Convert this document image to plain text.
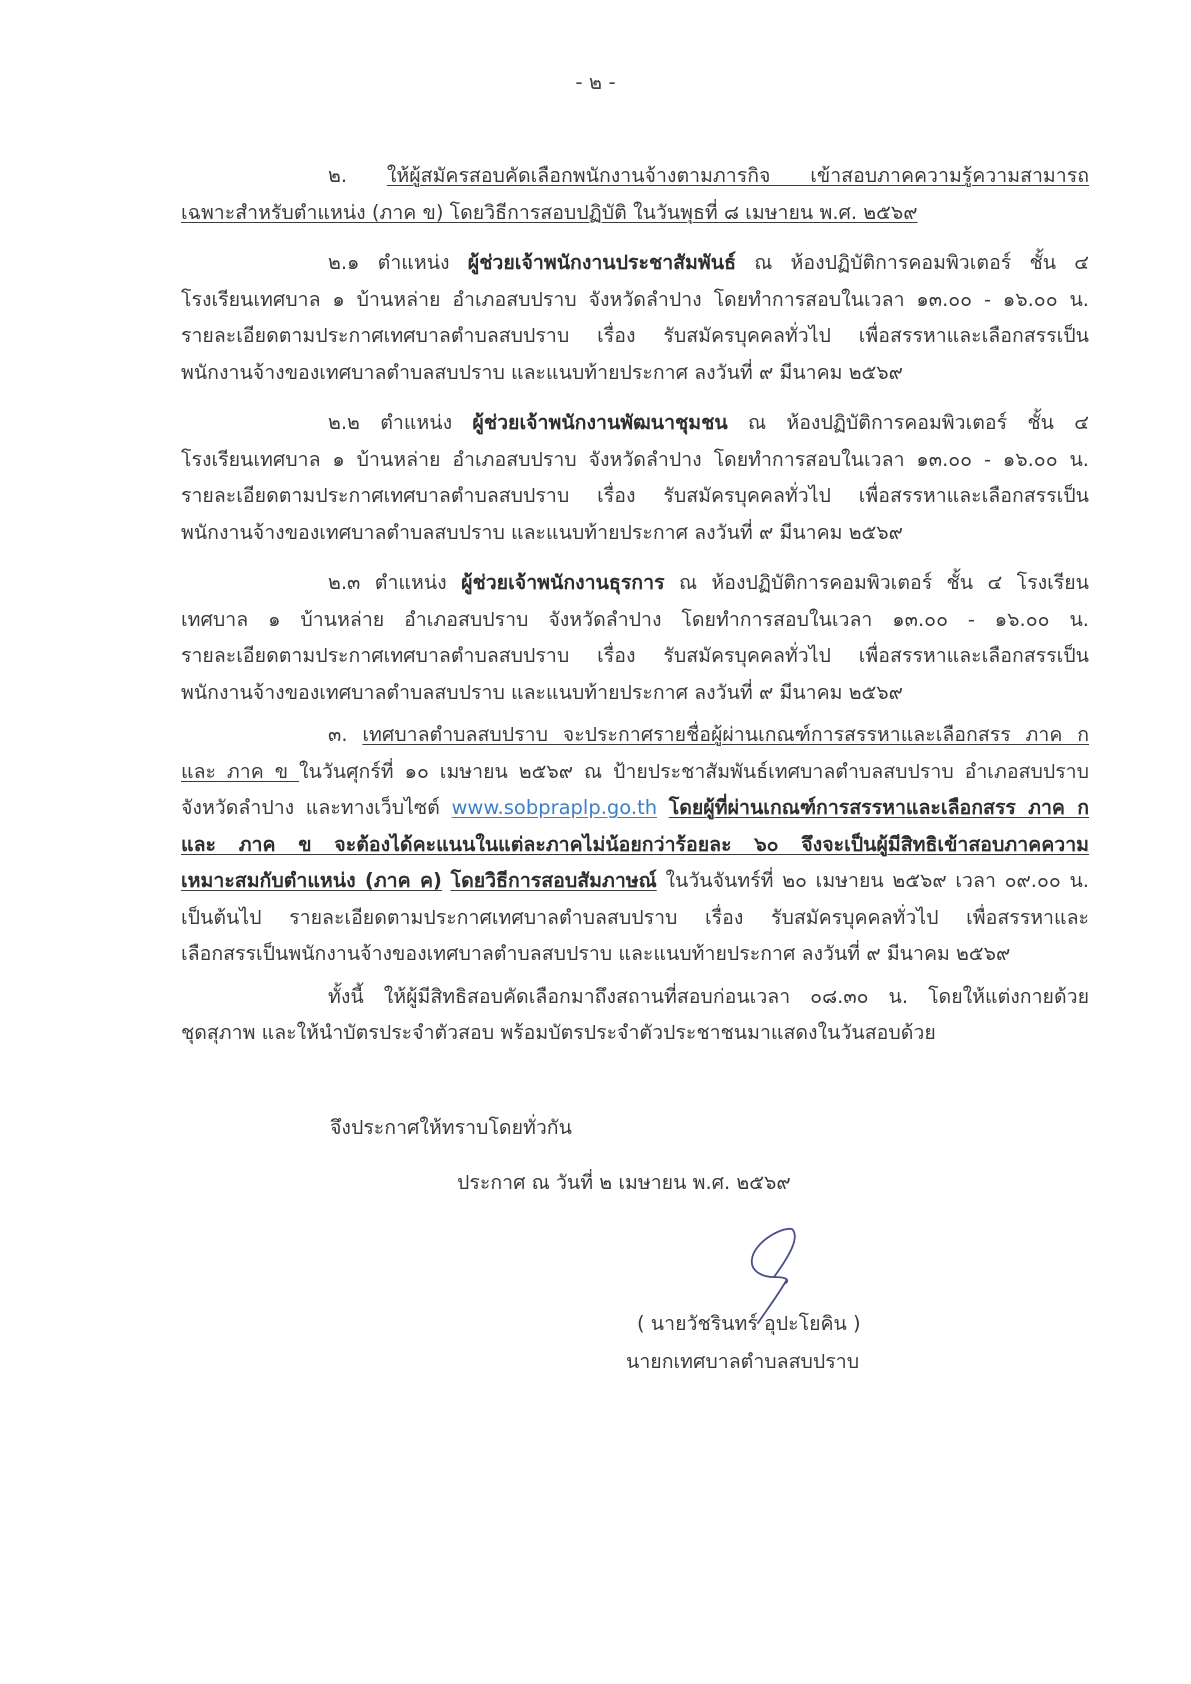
- ๒ -
๒. ให้ผู้สมัครสอบคัดเลือกพนักงานจ้างตามภารกิจ เข้าสอบภาคความรู้ความสามารถ
เฉพาะสำหรับตำแหน่ง (ภาค ข) โดยวิธีการสอบปฏิบัติ ในวันพุธที่ ๘ เมษายน พ.ศ. ๒๕๖๙
๒.๑ ตำแหน่ง ผู้ช่วยเจ้าพนักงานประชาสัมพันธ์ ณ ห้องปฏิบัติการคอมพิวเตอร์ ชั้น ๔
โรงเรียนเทศบาล ๑ บ้านหล่าย อำเภอสบปราบ จังหวัดลำปาง โดยทำการสอบในเวลา ๑๓.๐๐ - ๑๖.๐๐ น.
รายละเอียดตามประกาศเทศบาลตำบลสบปราบ เรื่อง รับสมัครบุคคลทั่วไป เพื่อสรรหาและเลือกสรรเป็น
พนักงานจ้างของเทศบาลตำบลสบปราบ และแนบท้ายประกาศ ลงวันที่ ๙ มีนาคม ๒๕๖๙
๒.๒ ตำแหน่ง ผู้ช่วยเจ้าพนักงานพัฒนาชุมชน ณ ห้องปฏิบัติการคอมพิวเตอร์ ชั้น ๔
โรงเรียนเทศบาล ๑ บ้านหล่าย อำเภอสบปราบ จังหวัดลำปาง โดยทำการสอบในเวลา ๑๓.๐๐ - ๑๖.๐๐ น.
รายละเอียดตามประกาศเทศบาลตำบลสบปราบ เรื่อง รับสมัครบุคคลทั่วไป เพื่อสรรหาและเลือกสรรเป็น
พนักงานจ้างของเทศบาลตำบลสบปราบ และแนบท้ายประกาศ ลงวันที่ ๙ มีนาคม ๒๕๖๙
๒.๓ ตำแหน่ง ผู้ช่วยเจ้าพนักงานธุรการ ณ ห้องปฏิบัติการคอมพิวเตอร์ ชั้น ๔ โรงเรียน
เทศบาล ๑ บ้านหล่าย อำเภอสบปราบ จังหวัดลำปาง โดยทำการสอบในเวลา ๑๓.๐๐ - ๑๖.๐๐ น.
รายละเอียดตามประกาศเทศบาลตำบลสบปราบ เรื่อง รับสมัครบุคคลทั่วไป เพื่อสรรหาและเลือกสรรเป็น
พนักงานจ้างของเทศบาลตำบลสบปราบ และแนบท้ายประกาศ ลงวันที่ ๙ มีนาคม ๒๕๖๙
๓. เทศบาลตำบลสบปราบ จะประกาศรายชื่อผู้ผ่านเกณฑ์การสรรหาและเลือกสรร ภาค ก
และ ภาค ข ในวันศุกร์ที่ ๑๐ เมษายน ๒๕๖๙ ณ ป้ายประชาสัมพันธ์เทศบาลตำบลสบปราบ อำเภอสบปราบ
จังหวัดลำปาง และทางเว็บไซต์ www.sobpraplp.go.th โดยผู้ที่ผ่านเกณฑ์การสรรหาและเลือกสรร ภาค ก
และ ภาค ข จะต้องได้คะแนนในแต่ละภาคไม่น้อยกว่าร้อยละ ๖๐ จึงจะเป็นผู้มีสิทธิเข้าสอบภาคความ
เหมาะสมกับตำแหน่ง (ภาค ค) โดยวิธีการสอบสัมภาษณ์ ในวันจันทร์ที่ ๒๐ เมษายน ๒๕๖๙ เวลา ๐๙.๐๐ น.
เป็นต้นไป รายละเอียดตามประกาศเทศบาลตำบลสบปราบ เรื่อง รับสมัครบุคคลทั่วไป เพื่อสรรหาและ
เลือกสรรเป็นพนักงานจ้างของเทศบาลตำบลสบปราบ และแนบท้ายประกาศ ลงวันที่ ๙ มีนาคม ๒๕๖๙
ทั้งนี้ ให้ผู้มีสิทธิสอบคัดเลือกมาถึงสถานที่สอบก่อนเวลา ๐๘.๓๐ น. โดยให้แต่งกายด้วย
ชุดสุภาพ และให้นำบัตรประจำตัวสอบ พร้อมบัตรประจำตัวประชาชนมาแสดงในวันสอบด้วย
จึงประกาศให้ทราบโดยทั่วกัน
ประกาศ ณ วันที่ ๒ เมษายน พ.ศ. ๒๕๖๙
( นายวัชรินทร์ อุปะโยคิน )
นายกเทศบาลตำบลสบปราบ
